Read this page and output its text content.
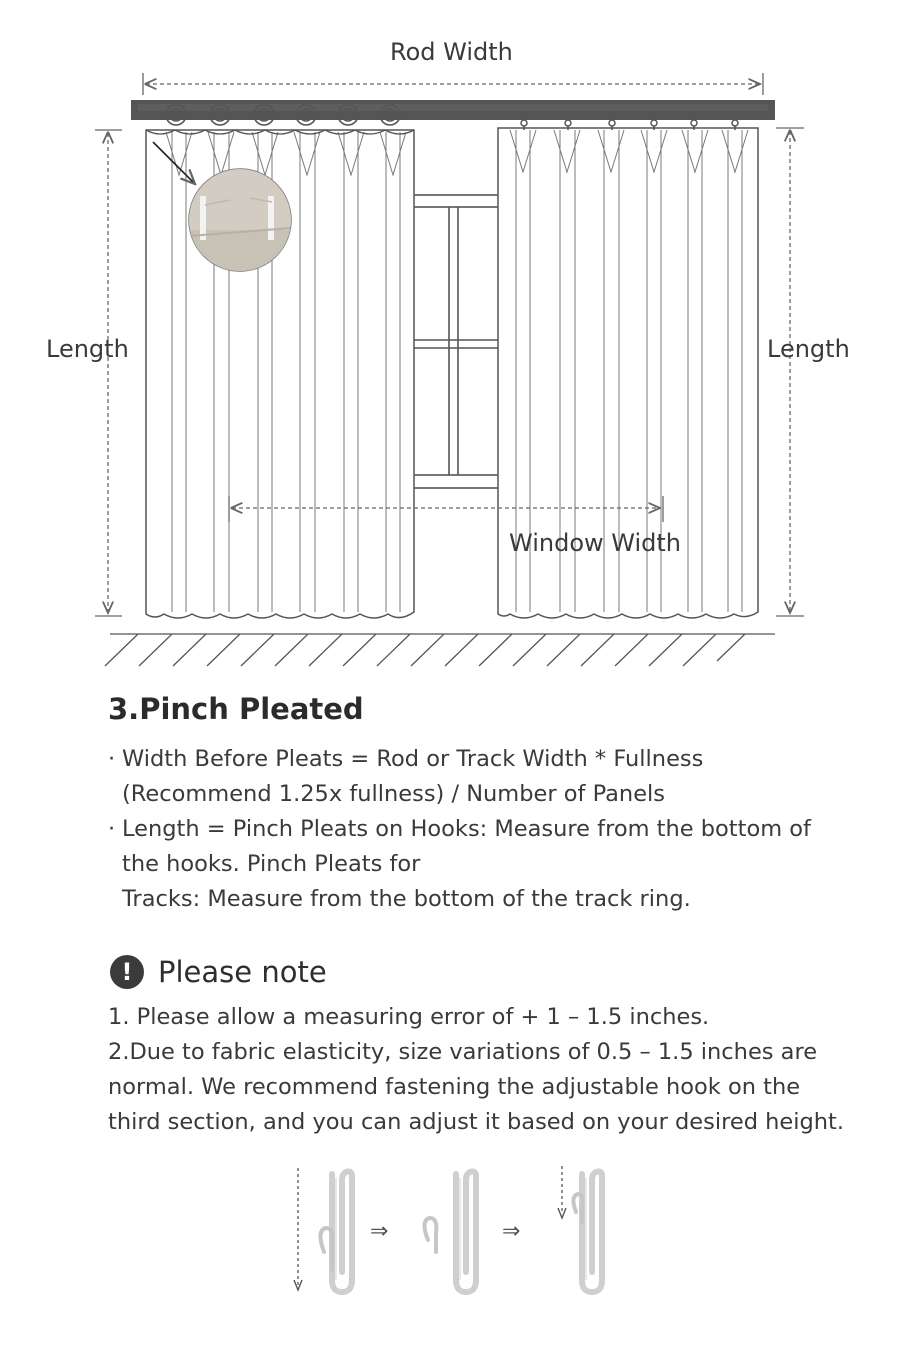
Rod Width
Length	Length
Window Width
3.Pinch Pleated
· Width Before Pleats = Rod or Track Width * Fullness
(Recommend 1.25x fullness) / Number of Panels
· Length = Pinch Pleats on Hooks: Measure from the bottom of
the hooks. Pinch Pleats for
Tracks: Measure from the bottom of the track ring.
! Please note
1. Please allow a measuring error of + 1 – 1.5 inches.
2.Due to fabric elasticity, size variations of 0.5 – 1.5 inches are
normal. We recommend fastening the adjustable hook on the
third section, and you can adjust it based on your desired height.
⇒	⇒
